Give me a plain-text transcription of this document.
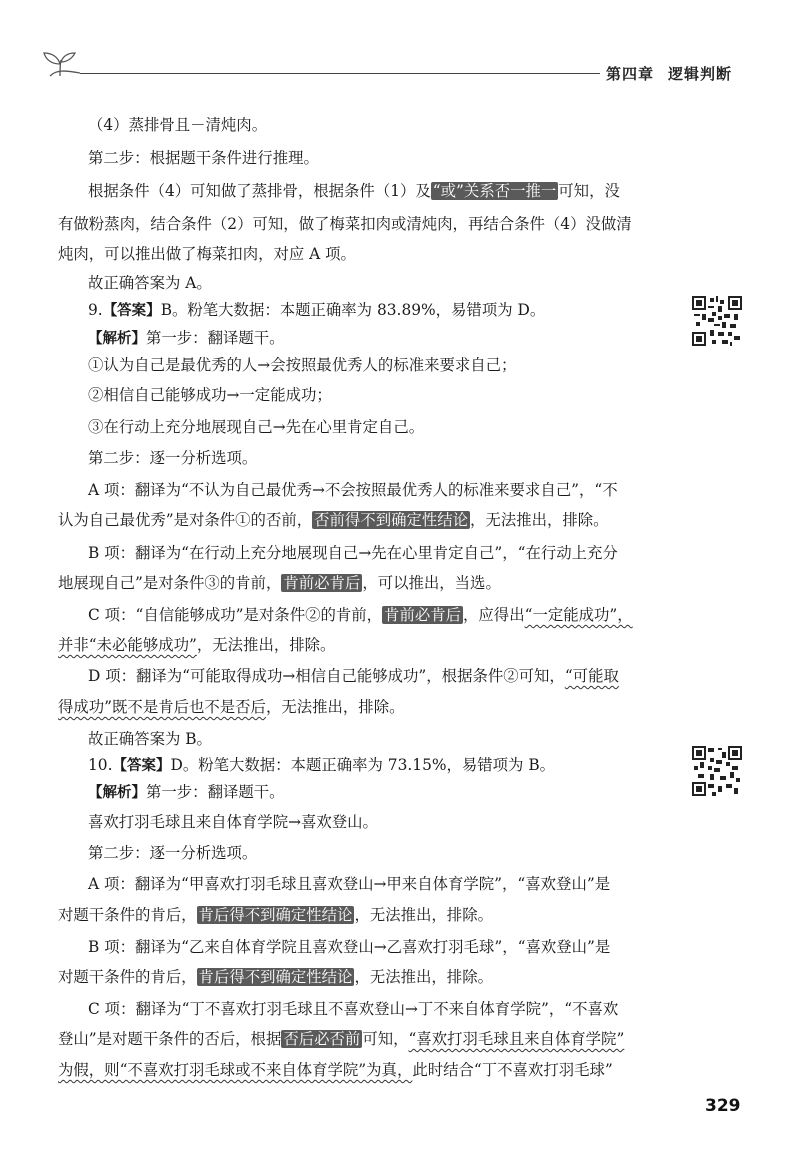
第四章 逻辑判断
（4）蒸排骨且－清炖肉。
第二步：根据题干条件进行推理。
根据条件（4）可知做了蒸排骨，根据条件（1）及 “或”关系否一推一 可知，没
有做粉蒸肉，结合条件（2）可知，做了梅菜扣肉或清炖肉，再结合条件（4）没做清
炖肉，可以推出做了梅菜扣肉，对应 A 项。
故正确答案为 A。
9.【答案】B。粉笔大数据：本题正确率为 83.89%，易错项为 D。
【解析】第一步：翻译题干。
①认为自己是最优秀的人→会按照最优秀人的标准来要求自己；
②相信自己能够成功→一定能成功；
③在行动上充分地展现自己→先在心里肯定自己。
第二步：逐一分析选项。
A 项：翻译为“不认为自己最优秀→不会按照最优秀人的标准来要求自己”，“不
认为自己最优秀”是对条件①的否前， 否前得不到确定性结论 ，无法推出，排除。
B 项：翻译为“在行动上充分地展现自己→先在心里肯定自己”，“在行动上充分
地展现自己”是对条件③的肯前， 肯前必肯后 ，可以推出，当选。
C 项：“自信能够成功”是对条件②的肯前， 肯前必肯后 ，应得出“一定能成功”，
并非“未必能够成功”，无法推出，排除。
D 项：翻译为“可能取得成功→相信自己能够成功”，根据条件②可知，“可能取
得成功”既不是肯后也不是否后，无法推出，排除。
故正确答案为 B。
10.【答案】D。粉笔大数据：本题正确率为 73.15%，易错项为 B。
【解析】第一步：翻译题干。
喜欢打羽毛球且来自体育学院→喜欢登山。
第二步：逐一分析选项。
A 项：翻译为“甲喜欢打羽毛球且喜欢登山→甲来自体育学院”，“喜欢登山”是
对题干条件的肯后， 肯后得不到确定性结论 ，无法推出，排除。
B 项：翻译为“乙来自体育学院且喜欢登山→乙喜欢打羽毛球”，“喜欢登山”是
对题干条件的肯后， 肯后得不到确定性结论 ，无法推出，排除。
C 项：翻译为“丁不喜欢打羽毛球且不喜欢登山→丁不来自体育学院”，“不喜欢
登山”是对题干条件的否后，根据 否后必否前 可知，“喜欢打羽毛球且来自体育学院”
为假，则“不喜欢打羽毛球或不来自体育学院”为真，此时结合“丁不喜欢打羽毛球”
329
